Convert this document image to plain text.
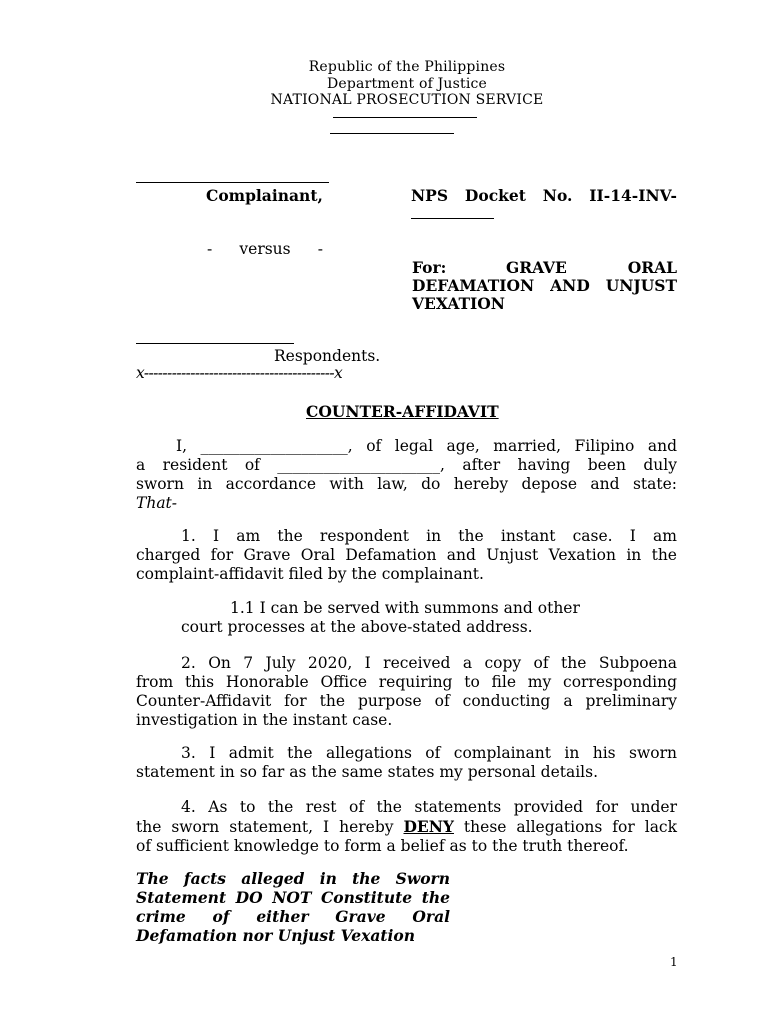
Republic of the Philippines
Department of Justice
NATIONAL PROSECUTION SERVICE
Complainant,	NPS Docket No. II-14-INV-
- versus -
For:	GRAVE ORAL
DEFAMATION AND UNJUST
VEXATION
Respondents.
x-----------------------------------------x
COUNTER-AFFIDAVIT
I, ___________________, of legal age, married, Filipino and
a resident of _____________________, after having been duly
sworn in accordance with law, do hereby depose and state:
That-
1. I am the respondent in the instant case. I am
charged for Grave Oral Defamation and Unjust Vexation in the
complaint-affidavit filed by the complainant.
1.1 I can be served with summons and other
court processes at the above-stated address.
2. On 7 July 2020, I received a copy of the Subpoena
from this Honorable Office requiring to file my corresponding
Counter-Affidavit for the purpose of conducting a preliminary
investigation in the instant case.
3. I admit the allegations of complainant in his sworn
statement in so far as the same states my personal details.
4. As to the rest of the statements provided for under
the sworn statement, I hereby DENY these allegations for lack
of sufficient knowledge to form a belief as to the truth thereof.
The facts alleged in the Sworn
Statement DO NOT Constitute the
crime of either Grave Oral
Defamation nor Unjust Vexation
1
